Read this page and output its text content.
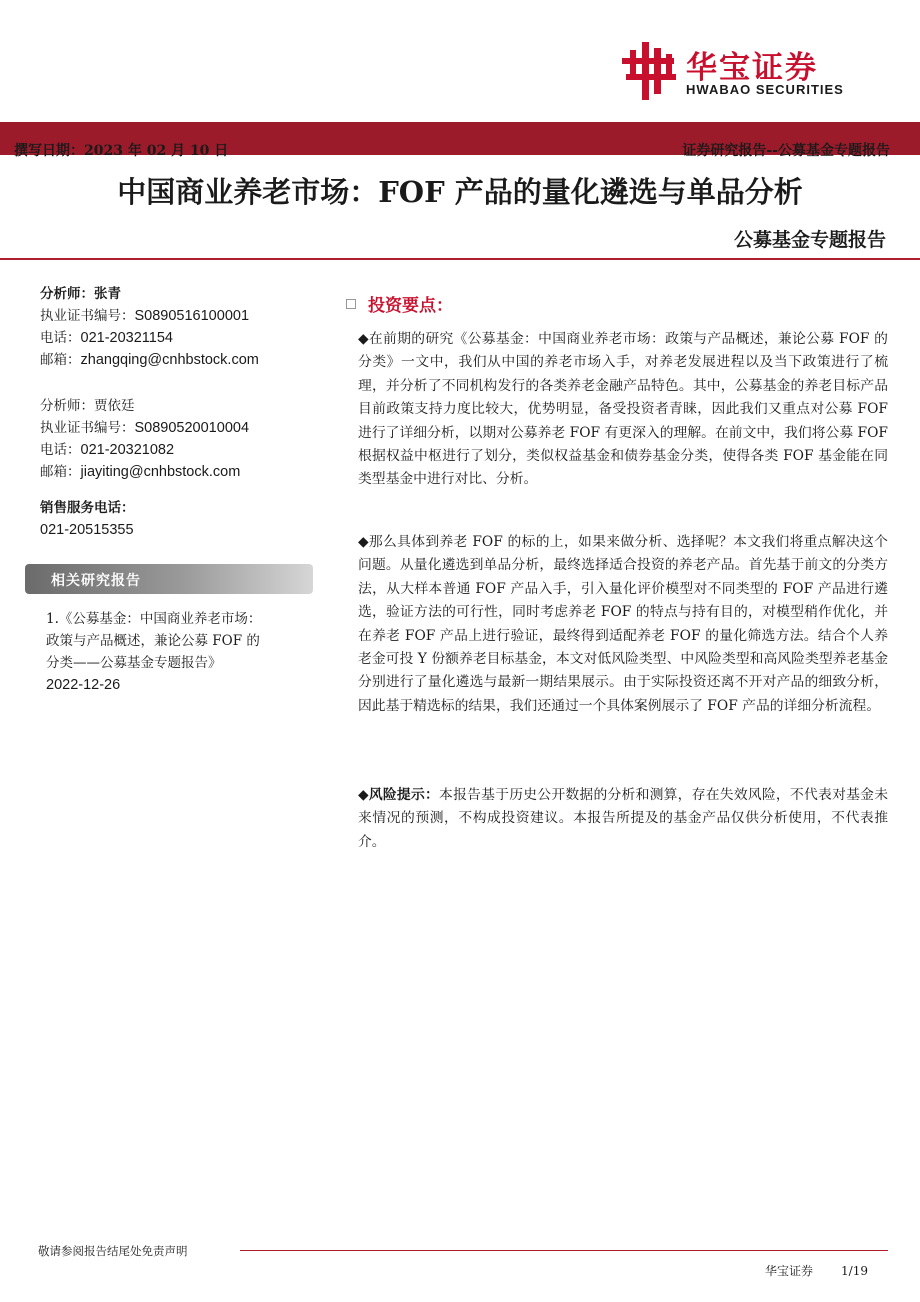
华宝证券
HWABAO SECURITIES
撰写日期：2023 年 02 月 10 日	证券研究报告--公募基金专题报告
中国商业养老市场：FOF 产品的量化遴选与单品分析
公募基金专题报告
分析师：张青
执业证书编号：S0890516100001
电话：021-20321154
邮箱：zhangqing@cnhbstock.com
分析师：贾依廷
执业证书编号：S0890520010004
电话：021-20321082
邮箱：jiayiting@cnhbstock.com
销售服务电话：
021-20515355
相关研究报告
1.《公募基金：中国商业养老市场：
政策与产品概述，兼论公募 FOF 的
分类——公募基金专题报告》
2022-12-26
投资要点：
◆在前期的研究《公募基金：中国商业养老市场：政策与产品概述，兼论公募 FOF 的分类》一文中，我们从中国的养老市场入手，对养老发展进程以及当下政策进行了梳理，并分析了不同机构发行的各类养老金融产品特色。其中，公募基金的养老目标产品目前政策支持力度比较大，优势明显，备受投资者青睐，因此我们又重点对公募 FOF 进行了详细分析，以期对公募养老 FOF 有更深入的理解。在前文中，我们将公募 FOF 根据权益中枢进行了划分，类似权益基金和债券基金分类，使得各类 FOF 基金能在同类型基金中进行对比、分析。
◆那么具体到养老 FOF 的标的上，如果来做分析、选择呢？本文我们将重点解决这个问题。从量化遴选到单品分析，最终选择适合投资的养老产品。首先基于前文的分类方法，从大样本普通 FOF 产品入手，引入量化评价模型对不同类型的 FOF 产品进行遴选，验证方法的可行性，同时考虑养老 FOF 的特点与持有目的，对模型稍作优化，并在养老 FOF 产品上进行验证，最终得到适配养老 FOF 的量化筛选方法。结合个人养老金可投 Y 份额养老目标基金，本文对低风险类型、中风险类型和高风险类型养老基金分别进行了量化遴选与最新一期结果展示。由于实际投资还离不开对产品的细致分析，因此基于精选标的结果，我们还通过一个具体案例展示了 FOF 产品的详细分析流程。
◆风险提示：本报告基于历史公开数据的分析和测算，存在失效风险，不代表对基金未来情况的预测，不构成投资建议。本报告所提及的基金产品仅供分析使用，不代表推介。
敬请参阅报告结尾处免责声明
华宝证券 1/19
